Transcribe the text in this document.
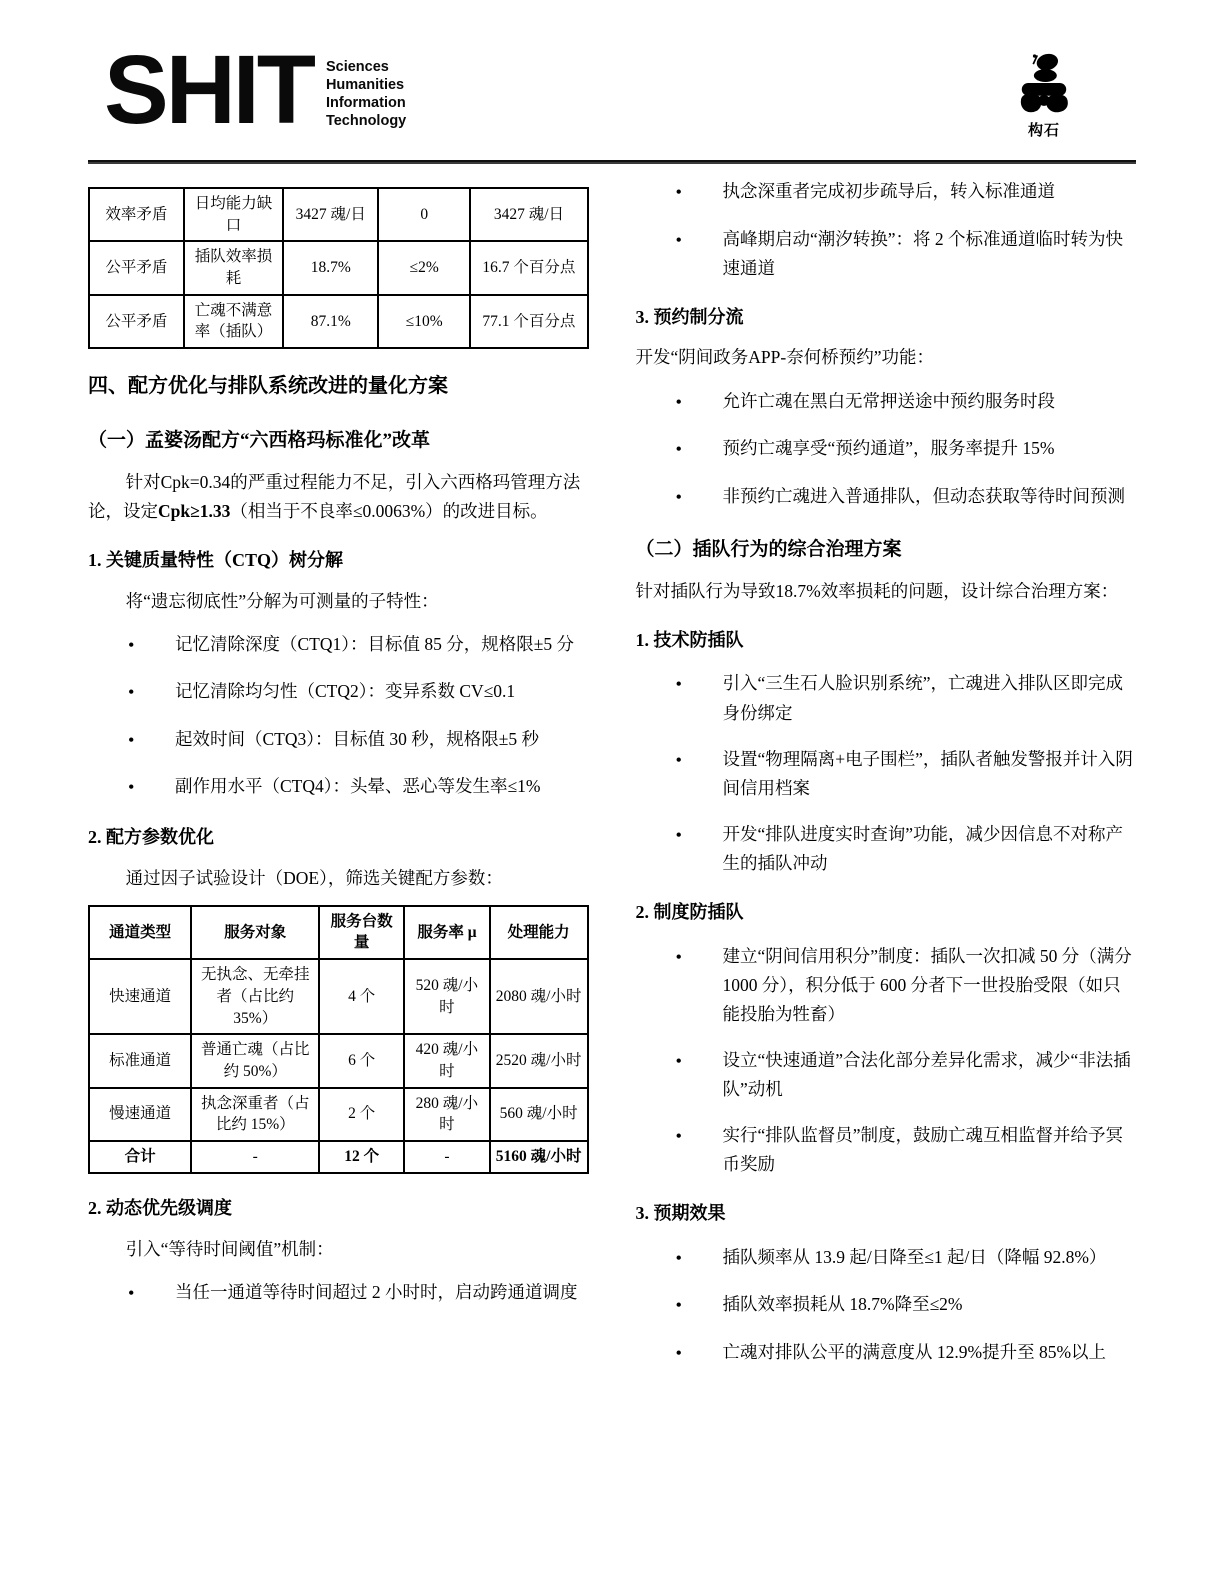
SHIT Sciences
Humanities
Information
Technology
构石
效率矛盾	日均能力缺口	3427 魂/日	0	3427 魂/日
公平矛盾	插队效率损耗	18.7%	≤2%	16.7 个百分点
公平矛盾	亡魂不满意率（插队）	87.1%	≤10%	77.1 个百分点
四、配方优化与排队系统改进的量化方案
（一）孟婆汤配方“六西格玛标准化”改革

针对Cpk=0.34的严重过程能力不足，引入六西格玛管理方法论，设定Cpk≥1.33（相当于不良率≤0.0063%）的改进目标。

1. 关键质量特性（CTQ）树分解

将“遗忘彻底性”分解为可测量的子特性：

•
记忆清除深度（CTQ1）：目标值 85 分，规格限±5 分
•
记忆清除均匀性（CTQ2）：变异系数 CV≤0.1
•
起效时间（CTQ3）：目标值 30 秒，规格限±5 秒
•
副作用水平（CTQ4）：头晕、恶心等发生率≤1%
2. 配方参数优化

通过因子试验设计（DOE），筛选关键配方参数：

通道类型	服务对象	服务台数量	服务率 μ	处理能力
快速通道	无执念、无牵挂者（占比约 35%）	4 个	520 魂/小时	2080 魂/小时
标准通道	普通亡魂（占比约 50%）	6 个	420 魂/小时	2520 魂/小时
慢速通道	执念深重者（占比约 15%）	2 个	280 魂/小时	560 魂/小时
合计	-	12 个	-	5160 魂/小时
2. 动态优先级调度

引入“等待时间阈值”机制：

•
当任一通道等待时间超过 2 小时时，启动跨通道调度
•
执念深重者完成初步疏导后，转入标准通道
•
高峰期启动“潮汐转换”：将 2 个标准通道临时转为快速通道
3. 预约制分流

开发“阴间政务APP-奈何桥预约”功能：

•
允许亡魂在黑白无常押送途中预约服务时段
•
预约亡魂享受“预约通道”，服务率提升 15%
•
非预约亡魂进入普通排队，但动态获取等待时间预测
（二）插队行为的综合治理方案

针对插队行为导致18.7%效率损耗的问题，设计综合治理方案：

1. 技术防插队
•
引入“三生石人脸识别系统”，亡魂进入排队区即完成身份绑定
•
设置“物理隔离+电子围栏”，插队者触发警报并计入阴间信用档案
•
开发“排队进度实时查询”功能，减少因信息不对称产生的插队冲动
2. 制度防插队
•
建立“阴间信用积分”制度：插队一次扣减 50 分（满分 1000 分），积分低于 600 分者下一世投胎受限（如只能投胎为牲畜）
•
设立“快速通道”合法化部分差异化需求，减少“非法插队”动机
•
实行“排队监督员”制度，鼓励亡魂互相监督并给予冥币奖励
3. 预期效果
•
插队频率从 13.9 起/日降至≤1 起/日（降幅 92.8%）
•
插队效率损耗从 18.7%降至≤2%
•
亡魂对排队公平的满意度从 12.9%提升至 85%以上
